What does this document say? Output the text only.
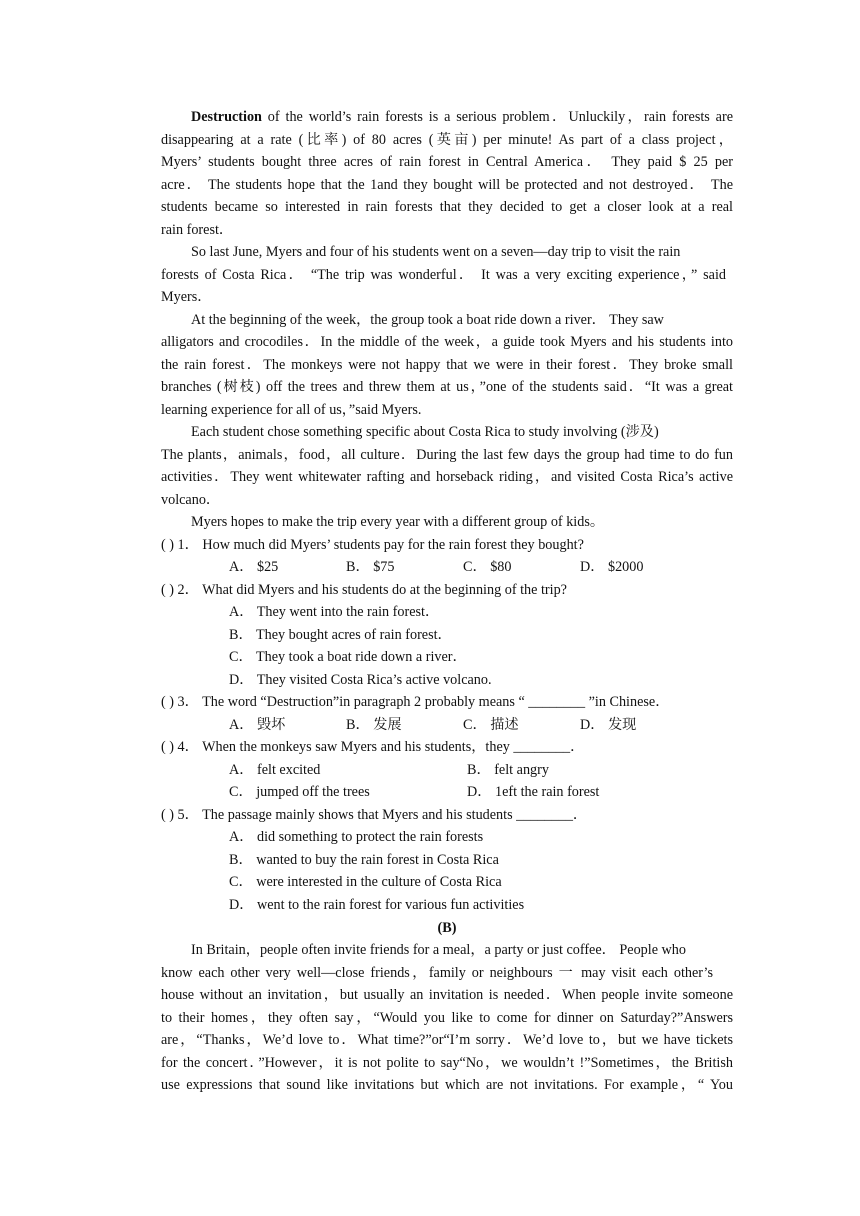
Destruction of the world’s rain forests is a serious problem．Unluckily，rain forests are
disappearing at a rate (比率) of 80 acres (英亩) per minute! As part of a class project，
Myers’ students bought three acres of rain forest in Central America． They paid $ 25 per
acre． The students hope that the 1and they bought will be protected and not destroyed． The
students became so interested in rain forests that they decided to get a closer look at a real
rain forest．
So last June, Myers and four of his students went on a seven—day trip to visit the rain
forests of Costa Rica． “The trip was wonderful． It was a very exciting experience，” said
Myers．
At the beginning of the week，the group took a boat ride down a river． They saw
alligators and crocodiles．In the middle of the week，a guide took Myers and his students into
the rain forest．The monkeys were not happy that we were in their forest．They broke small
branches (树枝) off the trees and threw them at us，”one of the students said．“It was a great
learning experience for all of us，”said Myers.
Each student chose something specific about Costa Rica to study involving (涉及)
The plants，animals，food，all culture．During the last few days the group had time to do fun
activities．They went whitewater rafting and horseback riding，and visited Costa Rica’s active
volcano．
Myers hopes to make the trip every year with a different group of kids。
( ) 1． How much did Myers’ students pay for the rain forest they bought?
A． $25	B． $75	C． $80	D． $2000
( ) 2． What did Myers and his students do at the beginning of the trip?
A． They went into the rain forest．
B． They bought acres of rain forest．
C． They took a boat ride down a river．
D． They visited Costa Rica’s active volcano.
( ) 3． The word “Destruction”in paragraph 2 probably means “ ________ ”in Chinese．
A． 毁坏	B． 发展	C． 描述	D． 发现
( ) 4． When the monkeys saw Myers and his students，they ________．
A． felt excited	B． felt angry
C． jumped off the trees	D． 1eft the rain forest
( ) 5． The passage mainly shows that Myers and his students ________．
A． did something to protect the rain forests
B． wanted to buy the rain forest in Costa Rica
C． were interested in the culture of Costa Rica
D． went to the rain forest for various fun activities
(B)
In Britain，people often invite friends for a meal，a party or just coffee． People who
know each other very well—close friends，family or neighbours 一 may visit each other’s
house without an invitation，but usually an invitation is needed．When people invite someone
to their homes，they often say，“Would you like to come for dinner on Saturday?”Answers
are，“Thanks，We’d love to．What time?”or“I’m sorry．We’d love to，but we have tickets
for the concert．”However，it is not polite to say“No，we wouldn’t !”Sometimes，the British
use expressions that sound like invitations but which are not invitations. For example，“ You
